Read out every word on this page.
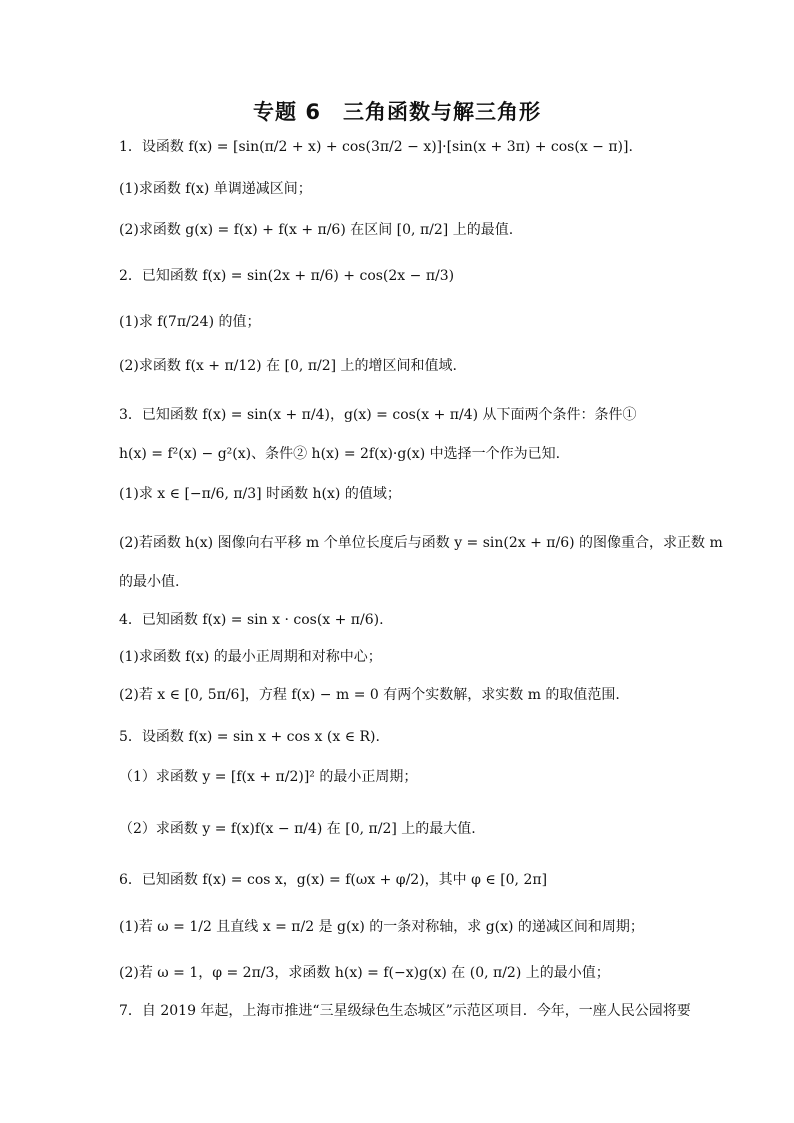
专题 6　三角函数与解三角形
1．设函数 f(x) = [sin(π/2 + x) + cos(3π/2 − x)]·[sin(x + 3π) + cos(x − π)].
(1)求函数 f(x) 单调递减区间；
(2)求函数 g(x) = f(x) + f(x + π/6) 在区间 [0, π/2] 上的最值.
2．已知函数 f(x) = sin(2x + π/6) + cos(2x − π/3)
(1)求 f(7π/24) 的值；
(2)求函数 f(x + π/12) 在 [0, π/2] 上的增区间和值域.
3．已知函数 f(x) = sin(x + π/4)，g(x) = cos(x + π/4) 从下面两个条件：条件①
h(x) = f²(x) − g²(x)、条件② h(x) = 2f(x)·g(x) 中选择一个作为已知.
(1)求 x ∈ [−π/6, π/3] 时函数 h(x) 的值域；
(2)若函数 h(x) 图像向右平移 m 个单位长度后与函数 y = sin(2x + π/6) 的图像重合，求正数 m
的最小值.
4．已知函数 f(x) = sin x · cos(x + π/6).
(1)求函数 f(x) 的最小正周期和对称中心；
(2)若 x ∈ [0, 5π/6]，方程 f(x) − m = 0 有两个实数解，求实数 m 的取值范围.
5．设函数 f(x) = sin x + cos x (x ∈ R).
（1）求函数 y = [f(x + π/2)]² 的最小正周期；
（2）求函数 y = f(x)f(x − π/4) 在 [0, π/2] 上的最大值.
6．已知函数 f(x) = cos x，g(x) = f(ωx + φ/2)，其中 φ ∈ [0, 2π]
(1)若 ω = 1/2 且直线 x = π/2 是 g(x) 的一条对称轴，求 g(x) 的递减区间和周期；
(2)若 ω = 1，φ = 2π/3，求函数 h(x) = f(−x)g(x) 在 (0, π/2) 上的最小值；
7．自 2019 年起，上海市推进“三星级绿色生态城区”示范区项目．今年，一座人民公园将要
